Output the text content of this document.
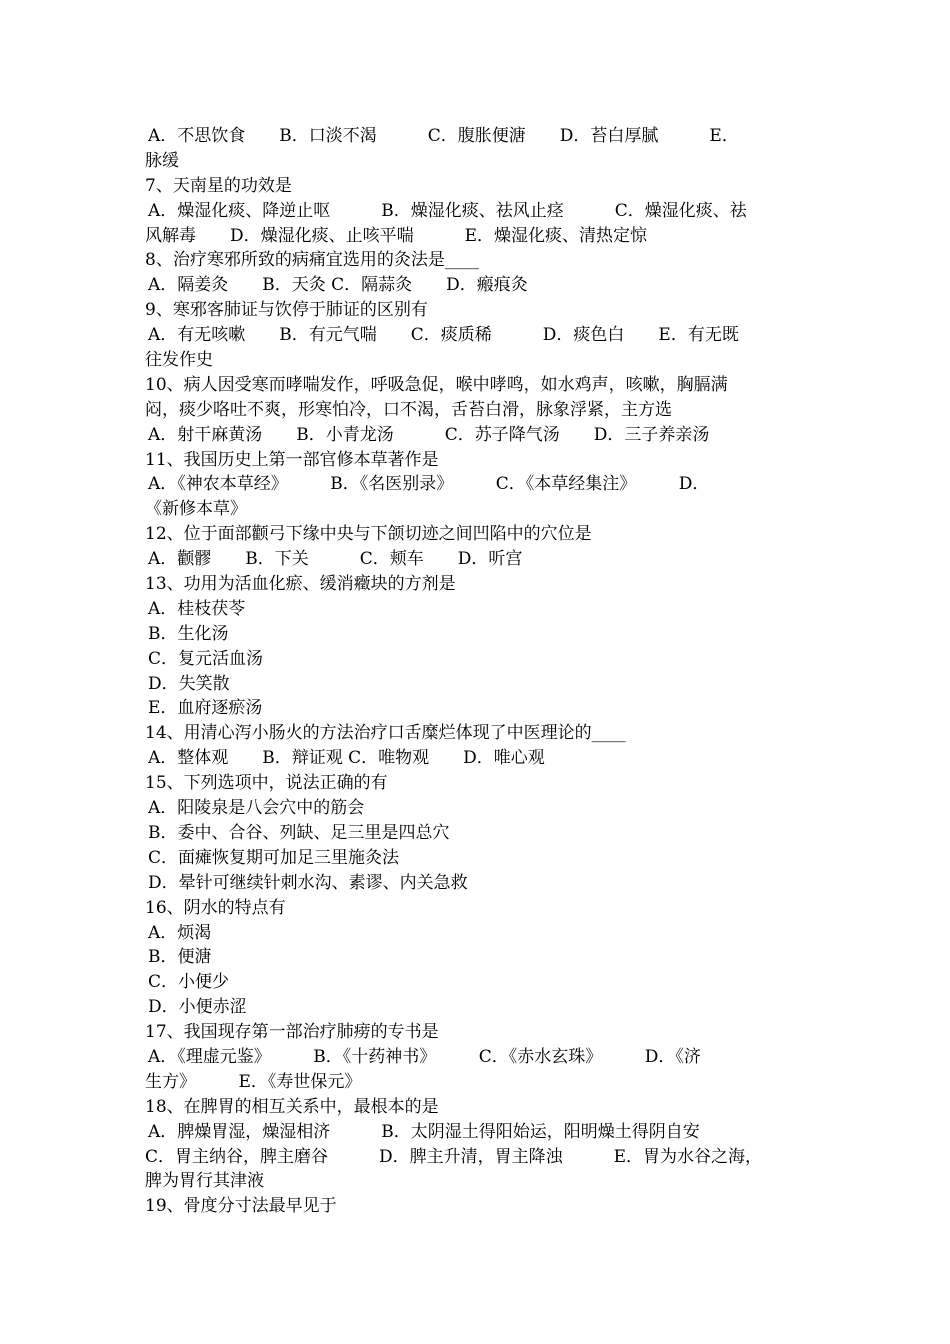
A．不思饮食　　B．口淡不渴　　　C．腹胀便溏　　D．苔白厚腻　　　E．
脉缓
7、天南星的功效是
A．燥湿化痰、降逆止呕　　　B．燥湿化痰、祛风止痉　　　C．燥湿化痰、祛
风解毒　　D．燥湿化痰、止咳平喘　　　E．燥湿化痰、清热定惊
8、治疗寒邪所致的病痛宜选用的灸法是____
A．隔姜灸　　B．天灸 C．隔蒜灸　　D．瘢痕灸
9、寒邪客肺证与饮停于肺证的区别有
A．有无咳嗽　　B．有元气喘　　C．痰质稀　　　D．痰色白　　E．有无既
往发作史
10、病人因受寒而哮喘发作，呼吸急促，喉中哮鸣，如水鸡声，咳嗽，胸膈满
闷，痰少咯吐不爽，形寒怕冷，口不渴，舌苔白滑，脉象浮紧，主方选
A．射干麻黄汤　　B．小青龙汤　　　C．苏子降气汤　　D．三子养亲汤
11、我国历史上第一部官修本草著作是
A．《神农本草经》　　　B．《名医别录》　　　C．《本草经集注》　　　D．
《新修本草》
12、位于面部颧弓下缘中央与下颌切迹之间凹陷中的穴位是
A．颧髎　　B．下关　　　C．颊车　　D．听宫
13、功用为活血化瘀、缓消癥块的方剂是
A．桂枝茯苓
B．生化汤
C．复元活血汤
D．失笑散
E．血府逐瘀汤
14、用清心泻小肠火的方法治疗口舌糜烂体现了中医理论的____
A．整体观　　B．辩证观 C．唯物观　　D．唯心观
15、下列选项中，说法正确的有
A．阳陵泉是八会穴中的筋会
B．委中、合谷、列缺、足三里是四总穴
C．面瘫恢复期可加足三里施灸法
D．晕针可继续针刺水沟、素谬、内关急救
16、阴水的特点有
A．烦渴
B．便溏
C．小便少
D．小便赤涩
17、我国现存第一部治疗肺痨的专书是
A．《理虚元鉴》　　　B．《十药神书》　　　C．《赤水玄珠》　　　D．《济
生方》　　　E．《寿世保元》
18、在脾胃的相互关系中，最根本的是
A．脾燥胃湿，燥湿相济　　　B．太阴湿土得阳始运，阳明燥土得阴自安
C．胃主纳谷，脾主磨谷　　　D．脾主升清，胃主降浊　　　E．胃为水谷之海，
脾为胃行其津液
19、骨度分寸法最早见于
